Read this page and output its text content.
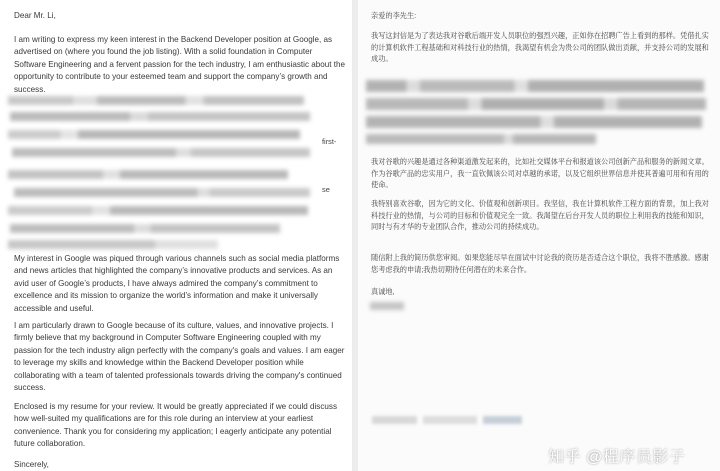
Dear Mr. Li,

I am writing to express my keen interest in the Backend Developer position at Google, as advertised on (where you found the job listing). With a solid foundation in Computer Software Engineering and a fervent passion for the tech industry, I am enthusiastic about the opportunity to contribute to your esteemed team and support the company’s growth and success.

first-
se

My interest in Google was piqued through various channels such as social media platforms and news articles that highlighted the company’s innovative products and services. As an avid user of Google’s products, I have always admired the company’s commitment to excellence and its mission to organize the world’s information and make it universally accessible and useful.

I am particularly drawn to Google because of its culture, values, and innovative projects. I firmly believe that my background in Computer Software Engineering coupled with my passion for the tech industry align perfectly with the company's goals and values. I am eager to leverage my skills and knowledge within the Backend Developer position while collaborating with a team of talented professionals towards driving the company's continued success.

Enclosed is my resume for your review. It would be greatly appreciated if we could discuss how well-suited my qualifications are for this role during an interview at your earliest convenience. Thank you for considering my application; I eagerly anticipate any potential future collaboration.

Sincerely,

亲爱的李先生:

我写这封信是为了表达我对谷歌后端开发人员职位的强烈兴趣，正如你在招聘广告上看到的那样。凭借扎实的计算机软件工程基础和对科技行业的热情，我渴望有机会为贵公司的团队做出贡献，并支持公司的发展和成功。

我对谷歌的兴趣是通过各种渠道激发起来的，比如社交媒体平台和报道该公司创新产品和服务的新闻文章。作为谷歌产品的忠实用户，我一直钦佩该公司对卓越的承诺，以及它组织世界信息并使其普遍可用和有用的使命。

我特别喜欢谷歌，因为它的文化、价值观和创新项目。我坚信，我在计算机软件工程方面的背景，加上我对科技行业的热情，与公司的目标和价值观完全一致。我渴望在后台开发人员的职位上利用我的技能和知识，同时与有才华的专业团队合作，推动公司的持续成功。

随信附上我的简历供您审阅。如果您能尽早在面试中讨论我的资历是否适合这个职位，我将不胜感激。感谢您考虑我的申请;我热切期待任何潜在的未来合作。

真诚地,

知乎 @程序员影子
